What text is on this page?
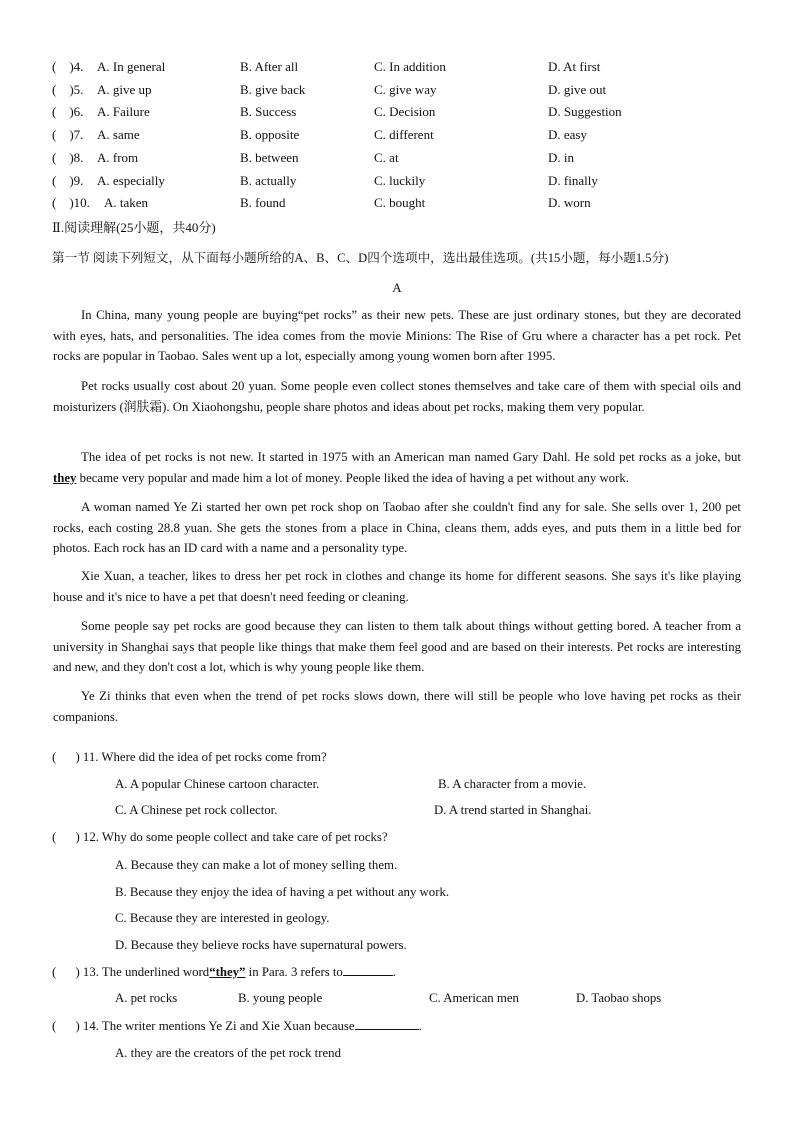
(    )4. A. In general	B. After all	C. In addition	D. At first
(    )5. A. give up	B. give back	C. give way	D. give out
(    )6. A. Failure	B. Success	C. Decision	D. Suggestion
(    )7. A. same	B. opposite	C. different	D. easy
(    )8. A. from	B. between	C. at	D. in
(    )9. A. especially	B. actually	C. luckily	D. finally
(    )10. A. taken	B. found	C. bought	D. worn
Ⅱ.阅读理解(25小题，共40分)
第一节 阅读下列短文，从下面每小题所给的A、B、C、D四个选项中，选出最佳选项。(共15小题，每小题1.5分)
A

In China, many young people are buying“pet rocks” as their new pets. These are just ordinary stones, but they are decorated with eyes, hats, and personalities. The idea comes from the movie Minions: The Rise of Gru where a character has a pet rock. Pet rocks are popular in Taobao. Sales went up a lot, especially among young women born after 1995.

Pet rocks usually cost about 20 yuan. Some people even collect stones themselves and take care of them with special oils and moisturizers (润肤霜). On Xiaohongshu, people share photos and ideas about pet rocks, making them very popular.

The idea of pet rocks is not new. It started in 1975 with an American man named Gary Dahl. He sold pet rocks as a joke, but they became very popular and made him a lot of money. People liked the idea of having a pet without any work.

A woman named Ye Zi started her own pet rock shop on Taobao after she couldn't find any for sale. She sells over 1, 200 pet rocks, each costing 28.8 yuan. She gets the stones from a place in China, cleans them, adds eyes, and puts them in a little bed for photos. Each rock has an ID card with a name and a personality type.

Xie Xuan, a teacher, likes to dress her pet rock in clothes and change its home for different seasons. She says it's like playing house and it's nice to have a pet that doesn't need feeding or cleaning.

Some people say pet rocks are good because they can listen to them talk about things without getting bored. A teacher from a university in Shanghai says that people like things that make them feel good and are based on their interests. Pet rocks are interesting and new, and they don't cost a lot, which is why young people like them.

Ye Zi thinks that even when the trend of pet rocks slows down, there will still be people who love having pet rocks as their companions.

(      ) 11. Where did the idea of pet rocks come from?
A. A popular Chinese cartoon character.	B. A character from a movie.
C. A Chinese pet rock collector.	D. A trend started in Shanghai.
(      ) 12. Why do some people collect and take care of pet rocks?
A. Because they can make a lot of money selling them.
B. Because they enjoy the idea of having a pet without any work.
C. Because they are interested in geology.
D. Because they believe rocks have supernatural powers.
(      ) 13. The underlined word“they” in Para. 3 refers to	.
A. pet rocks	B. young people	C. American men	D. Taobao shops
(      ) 14. The writer mentions Ye Zi and Xie Xuan because	.
A. they are the creators of the pet rock trend
